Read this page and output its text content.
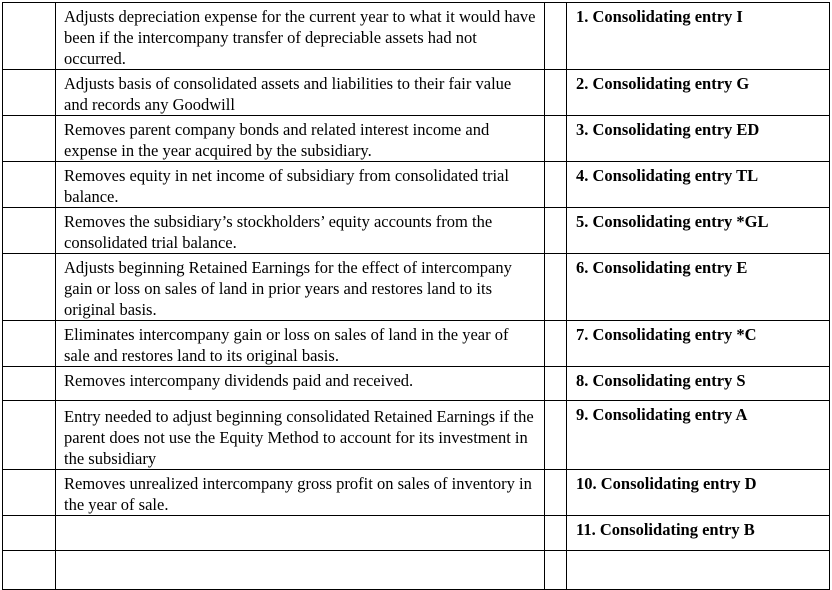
	Adjusts depreciation expense for the current year to what it would have been if the intercompany transfer of depreciable assets had not occurred.		1. Consolidating entry I
	Adjusts basis of consolidated assets and liabilities to their fair value and records any Goodwill		2. Consolidating entry G
	Removes parent company bonds and related interest income and expense in the year acquired by the subsidiary.		3. Consolidating entry ED
	Removes equity in net income of subsidiary from consolidated trial balance.		4. Consolidating entry TL
	Removes the subsidiary’s stockholders’ equity accounts from the consolidated trial balance.		5. Consolidating entry *GL
	Adjusts beginning Retained Earnings for the effect of intercompany gain or loss on sales of land in prior years and restores land to its original basis.		6. Consolidating entry E
	Eliminates intercompany gain or loss on sales of land in the year of sale and restores land to its original basis.		7. Consolidating entry *C
	Removes intercompany dividends paid and received.		8. Consolidating entry S
	Entry needed to adjust beginning consolidated Retained Earnings if the parent does not use the Equity Method to account for its investment in the subsidiary		9. Consolidating entry A
	Removes unrealized intercompany gross profit on sales of inventory in the year of sale.		10. Consolidating entry D
			11. Consolidating entry B
